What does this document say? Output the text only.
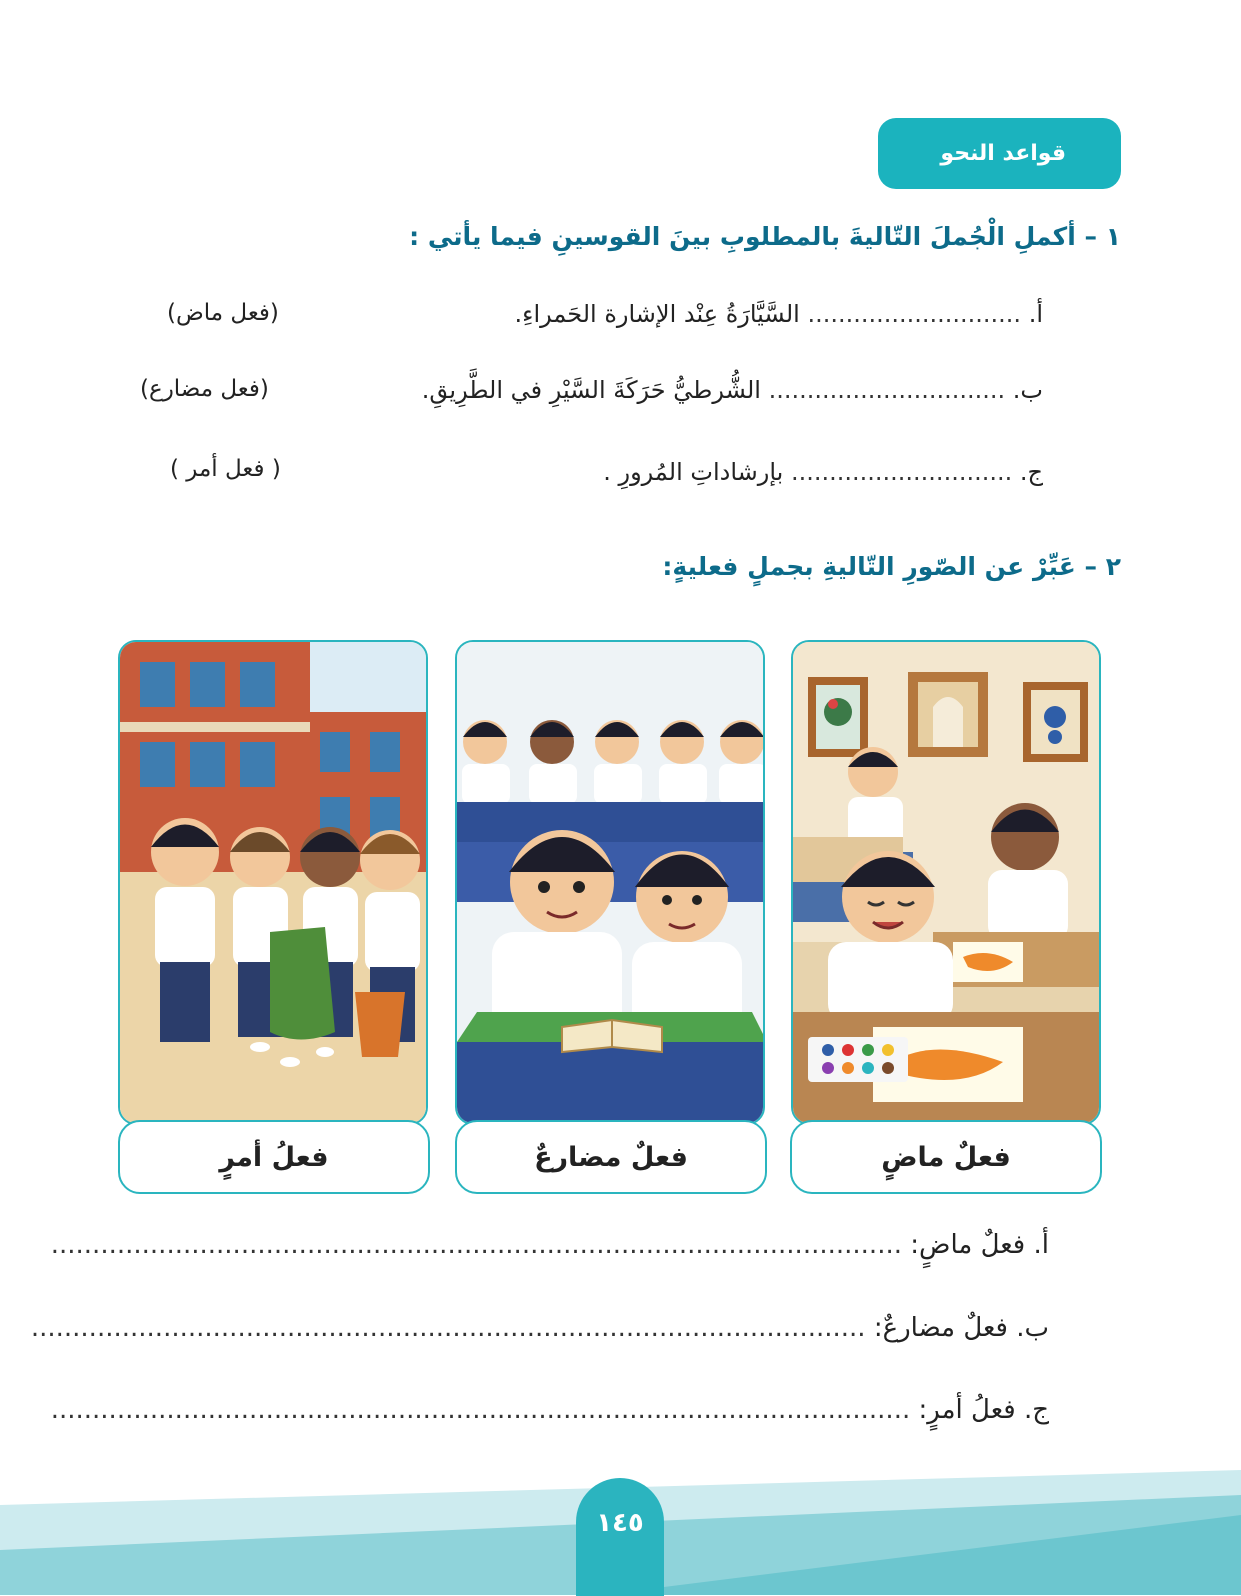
قواعد النحو
١ – أكملِ الْجُملَ التّاليةَ بالمطلوبِ بينَ القوسينِ فيما يأتي :
أ. ............................ السَّيَّارَةُ عِنْد الإشارة الحَمراءِ.
(فعل ماض)
ب. ............................... الشُّرطيُّ حَرَكَةَ السَّيْرِ في الطَّرِيقِ.
(فعل مضارع)
ج. ............................. بإرشاداتِ المُرورِ .
( فعل أمر )
٢ – عَبِّرْ عن الصّورِ التّاليةِ بجملٍ فعليةٍ:
فعلٌ ماضٍ
فعلٌ مضارعٌ
فعلُ أمرٍ
أ. فعلٌ ماضٍ: .......................................................................................................
ب. فعلٌ مضارعٌ: .....................................................................................................
ج. فعلُ أمرٍ: ........................................................................................................
١٤٥
